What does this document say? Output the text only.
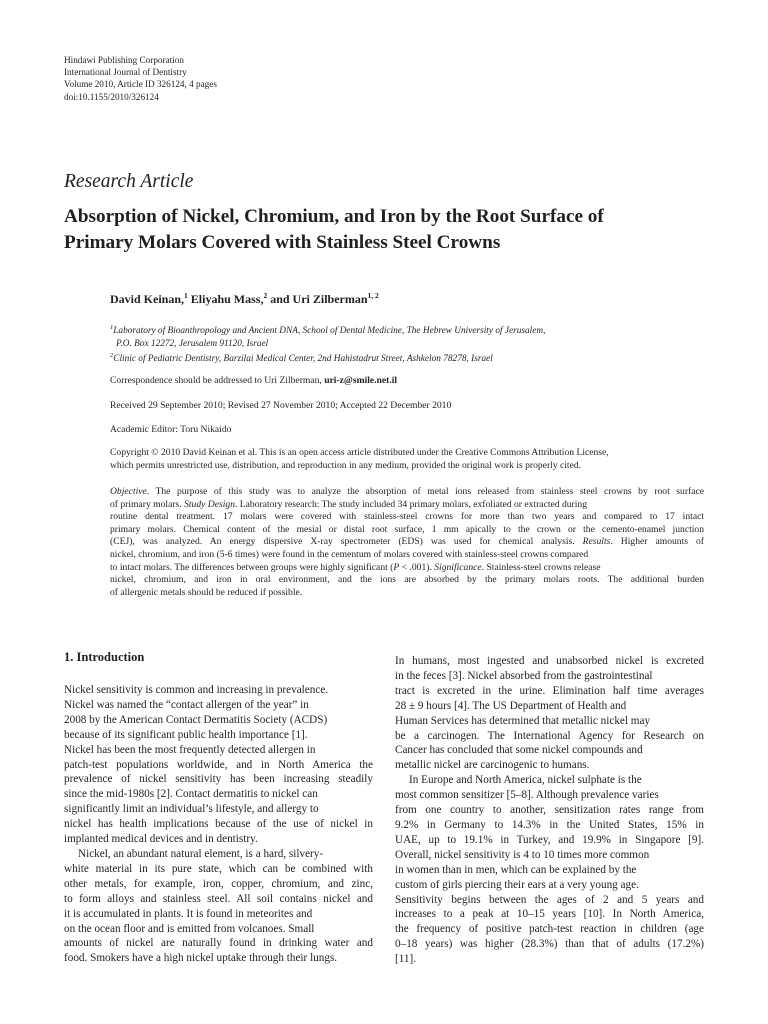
Hindawi Publishing Corporation
International Journal of Dentistry
Volume 2010, Article ID 326124, 4 pages
doi:10.1155/2010/326124
Research Article
Absorption of Nickel, Chromium, and Iron by the Root Surface of
Primary Molars Covered with Stainless Steel Crowns
David Keinan,$^1$ Eliyahu Mass,$^2$ and Uri Zilberman$^{1, 2}$
$^1$Laboratory of Bioanthropology and Ancient DNA, School of Dental Medicine, The Hebrew University of Jerusalem,
P.O. Box 12272, Jerusalem 91120, Israel
$^2$Clinic of Pediatric Dentistry, Barzilai Medical Center, 2nd Hahistadrut Street, Ashkelon 78278, Israel
Correspondence should be addressed to Uri Zilberman, uri-z@smile.net.il
Received 29 September 2010; Revised 27 November 2010; Accepted 22 December 2010
Academic Editor: Toru Nikaido
Copyright © 2010 David Keinan et al. This is an open access article distributed under the Creative Commons Attribution License,
which permits unrestricted use, distribution, and reproduction in any medium, provided the original work is properly cited.
Objective. The purpose of this study was to analyze the absorption of metal ions released from stainless steel crowns by root surface
of primary molars. Study Design. Laboratory research: The study included 34 primary molars, exfoliated or extracted during
routine dental treatment. 17 molars were covered with stainless-steel crowns for more than two years and compared to 17 intact
primary molars. Chemical content of the mesial or distal root surface, 1 mm apically to the crown or the cemento-enamel junction
(CEJ), was analyzed. An energy dispersive X-ray spectrometer (EDS) was used for chemical analysis. Results. Higher amounts of
nickel, chromium, and iron (5-6 times) were found in the cementum of molars covered with stainless-steel crowns compared
to intact molars. The differences between groups were highly significant (P < .001). Significance. Stainless-steel crowns release
nickel, chromium, and iron in oral environment, and the ions are absorbed by the primary molars roots. The additional burden
of allergenic metals should be reduced if possible.
1. Introduction
Nickel sensitivity is common and increasing in prevalence.
Nickel was named the “contact allergen of the year” in
2008 by the American Contact Dermatitis Society (ACDS)
because of its significant public health importance [1].
Nickel has been the most frequently detected allergen in
patch-test populations worldwide, and in North America the
prevalence of nickel sensitivity has been increasing steadily
since the mid-1980s [2]. Contact dermatitis to nickel can
significantly limit an individual’s lifestyle, and allergy to
nickel has health implications because of the use of nickel in
implanted medical devices and in dentistry.
Nickel, an abundant natural element, is a hard, silvery-
white material in its pure state, which can be combined with
other metals, for example, iron, copper, chromium, and zinc,
to form alloys and stainless steel. All soil contains nickel and
it is accumulated in plants. It is found in meteorites and
on the ocean floor and is emitted from volcanoes. Small
amounts of nickel are naturally found in drinking water and
food. Smokers have a high nickel uptake through their lungs.
In humans, most ingested and unabsorbed nickel is excreted
in the feces [3]. Nickel absorbed from the gastrointestinal
tract is excreted in the urine. Elimination half time averages
28 ± 9 hours [4]. The US Department of Health and
Human Services has determined that metallic nickel may
be a carcinogen. The International Agency for Research on
Cancer has concluded that some nickel compounds and
metallic nickel are carcinogenic to humans.
In Europe and North America, nickel sulphate is the
most common sensitizer [5–8]. Although prevalence varies
from one country to another, sensitization rates range from
9.2% in Germany to 14.3% in the United States, 15% in
UAE, up to 19.1% in Turkey, and 19.9% in Singapore [9].
Overall, nickel sensitivity is 4 to 10 times more common
in women than in men, which can be explained by the
custom of girls piercing their ears at a very young age.
Sensitivity begins between the ages of 2 and 5 years and
increases to a peak at 10–15 years [10]. In North America,
the frequency of positive patch-test reaction in children (age
0–18 years) was higher (28.3%) than that of adults (17.2%)
[11].
